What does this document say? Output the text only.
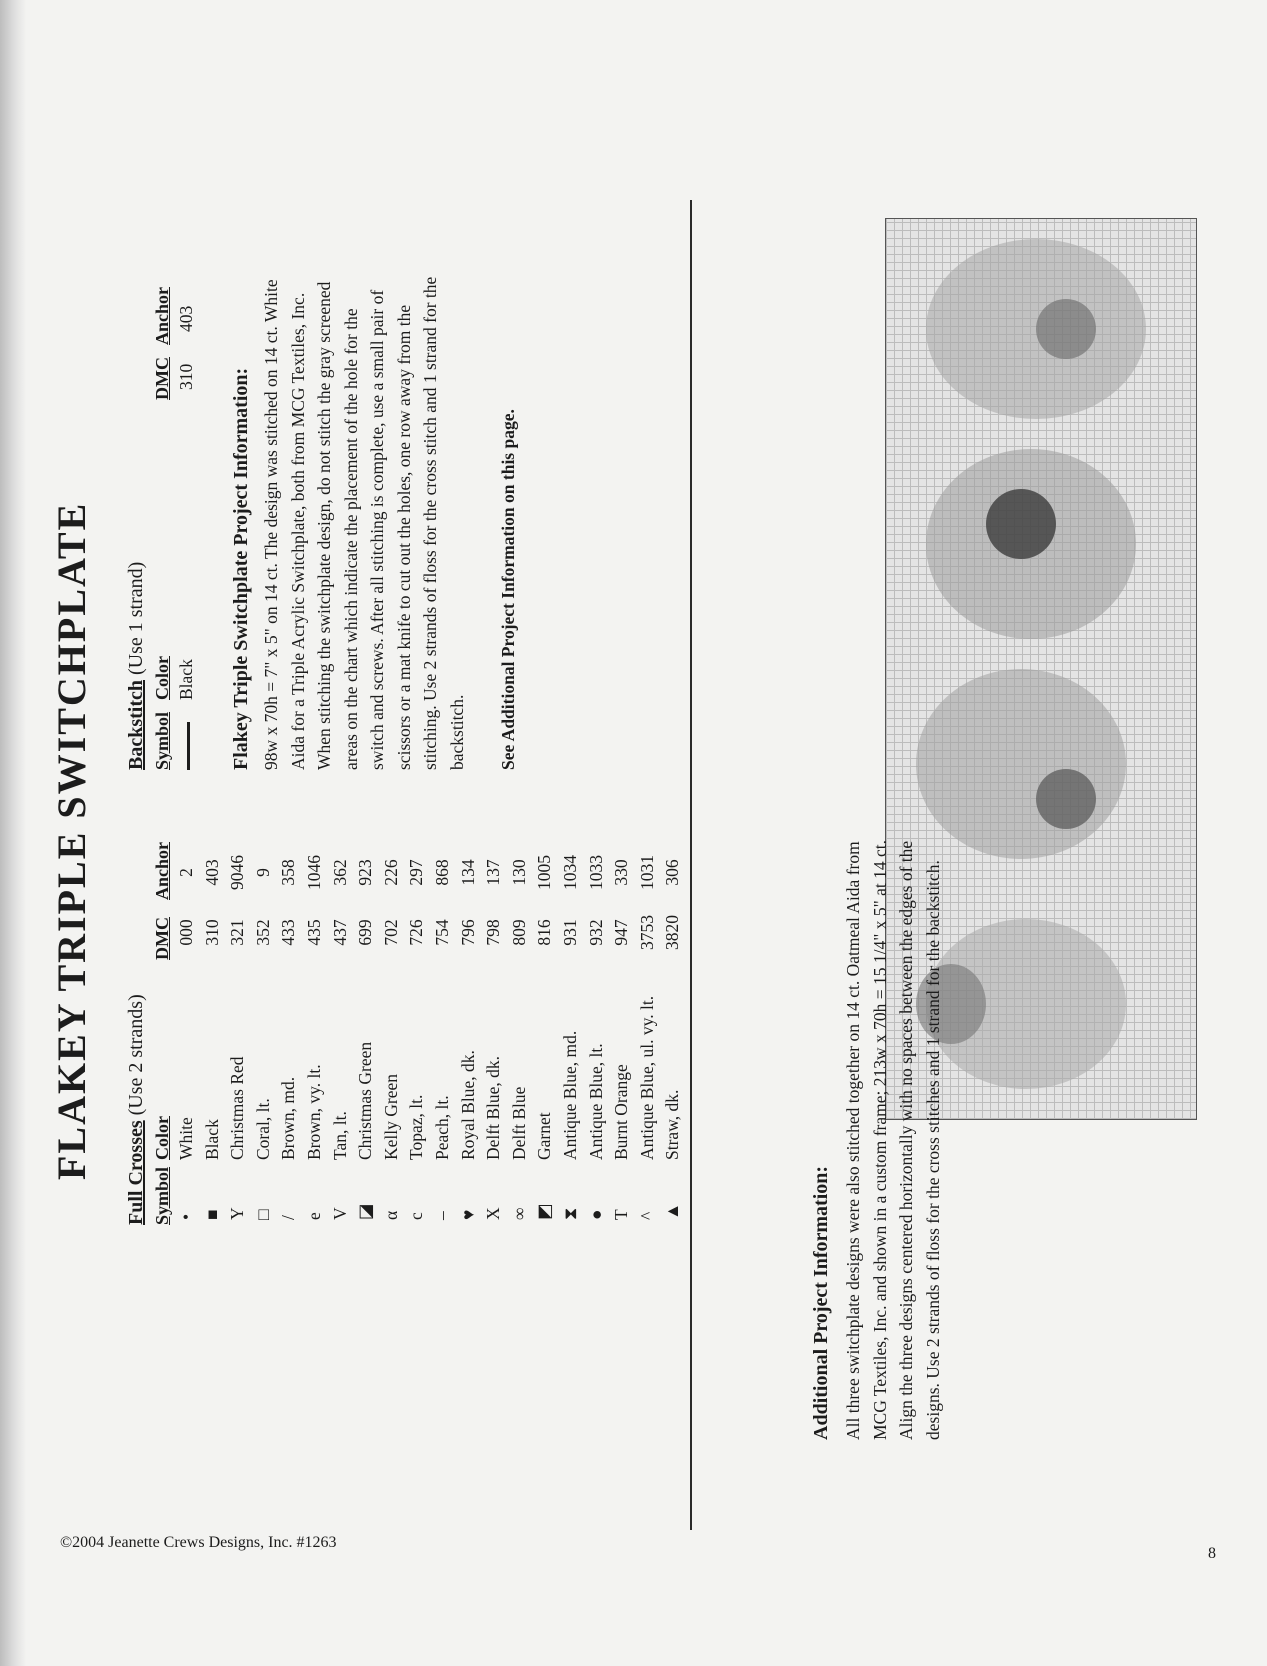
FLAKEY TRIPLE SWITCHPLATE Full Crosses (Use 2 strands)
Symbol
Color
DMC
Anchor
•
White
000
2
■
Black
310
403
Y
Christmas Red
321
9046
□
Coral, lt.
352
9
/
Brown, md.
433
358
e
Brown, vy. lt.
435
1046
V
Tan, lt.
437
362
◪
Christmas Green
699
923
α
Kelly Green
702
226
c
Topaz, lt.
726
297
–
Peach, lt.
754
868
♥
Royal Blue, dk.
796
134
X
Delft Blue, dk.
798
137
∞
Delft Blue
809
130
◩
Garnet
816
1005
⧗
Antique Blue, md.
931
1034
●
Antique Blue, lt.
932
1033
T
Burnt Orange
947
330
^
Antique Blue, ul. vy. lt.
3753
1031
▲
Straw, dk.
3820
306
Backstitch (Use 1 strand)
Symbol
Color
DMC
Anchor
Black
310
403
Flakey Triple Switchplate Project Information: 98w x 70h = 7" x 5" on 14 ct. The design was stitched on 14 ct. White Aida for a Triple Acrylic Switchplate, both from MCG Textiles, Inc. When stitching the switchplate design, do not stitch the gray screened areas on the chart which indicate the placement of the hole for the switch and screws. After all stitching is complete, use a small pair of scissors or a mat knife to cut out the holes, one row away from the stitching. Use 2 strands of floss for the cross stitch and 1 strand for the backstitch. See Additional Project Information on this page.
Additional Project Information: All three switchplate designs were also stitched together on 14 ct. Oatmeal Aida from MCG Textiles, Inc. and shown in a custom frame; 213w x 70h = 15 1/4" x 5" at 14 ct. Align the three designs centered horizontally with no spaces between the edges of the designs. Use 2 strands of floss for the cross stitches and 1 strand for the backstitch.
©2004 Jeanette Crews Designs, Inc. #1263
8
